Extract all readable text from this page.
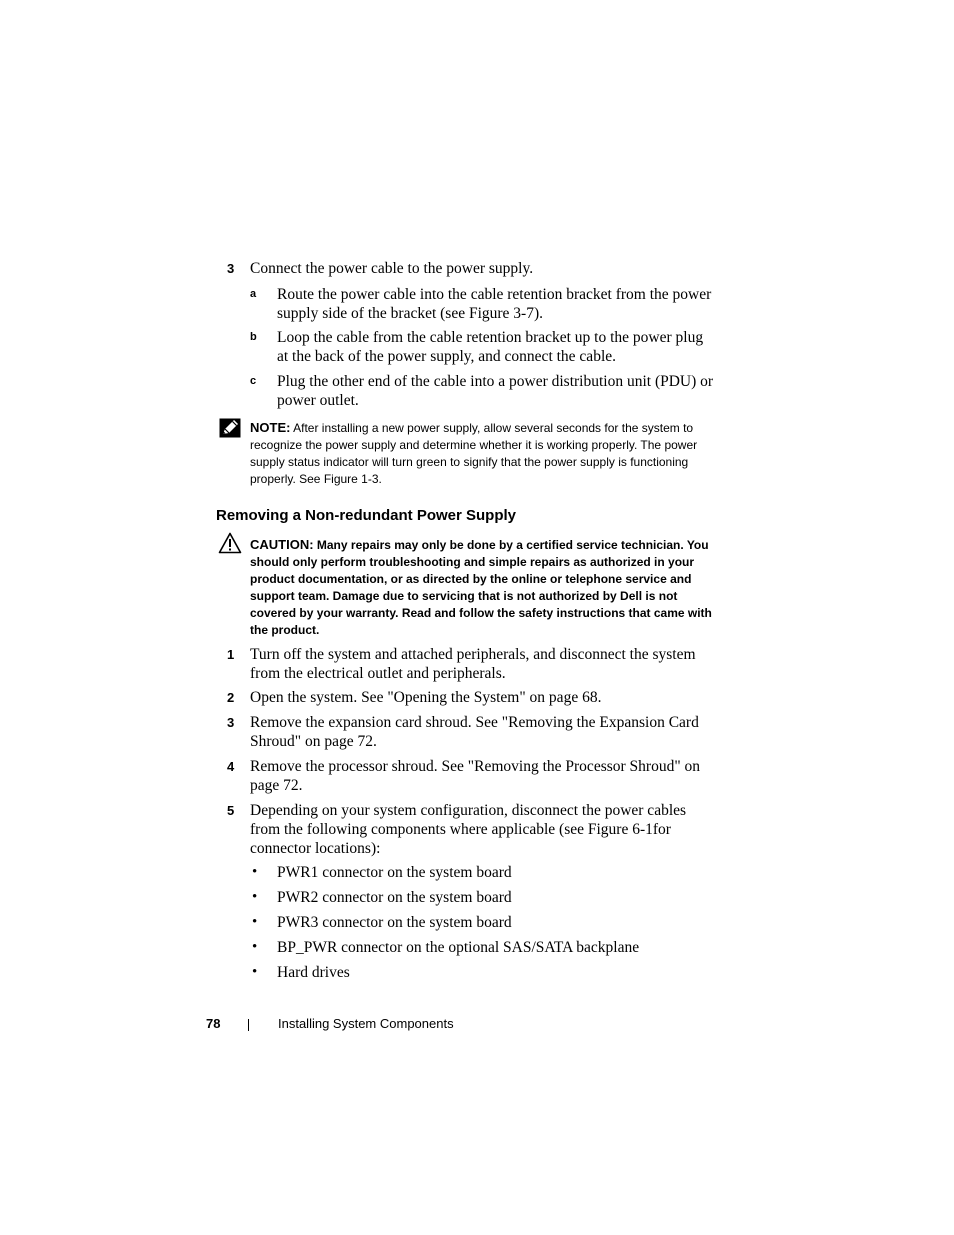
3 Connect the power cable to the power supply.
a Route the power cable into the cable retention bracket from the power supply side of the bracket (see Figure 3-7).
b Loop the cable from the cable retention bracket up to the power plug at the back of the power supply, and connect the cable.
c Plug the other end of the cable into a power distribution unit (PDU) or power outlet.
NOTE: After installing a new power supply, allow several seconds for the system to recognize the power supply and determine whether it is working properly. The power supply status indicator will turn green to signify that the power supply is functioning properly. See Figure 1-3.
Removing a Non-redundant Power Supply
CAUTION: Many repairs may only be done by a certified service technician. You should only perform troubleshooting and simple repairs as authorized in your product documentation, or as directed by the online or telephone service and support team. Damage due to servicing that is not authorized by Dell is not covered by your warranty. Read and follow the safety instructions that came with the product.
1 Turn off the system and attached peripherals, and disconnect the system from the electrical outlet and peripherals.
2 Open the system. See "Opening the System" on page 68.
3 Remove the expansion card shroud. See "Removing the Expansion Card Shroud" on page 72.
4 Remove the processor shroud. See "Removing the Processor Shroud" on page 72.
5 Depending on your system configuration, disconnect the power cables from the following components where applicable (see Figure 6-1for connector locations):
• PWR1 connector on the system board
• PWR2 connector on the system board
• PWR3 connector on the system board
• BP_PWR connector on the optional SAS/SATA backplane
• Hard drives
78	Installing System Components
